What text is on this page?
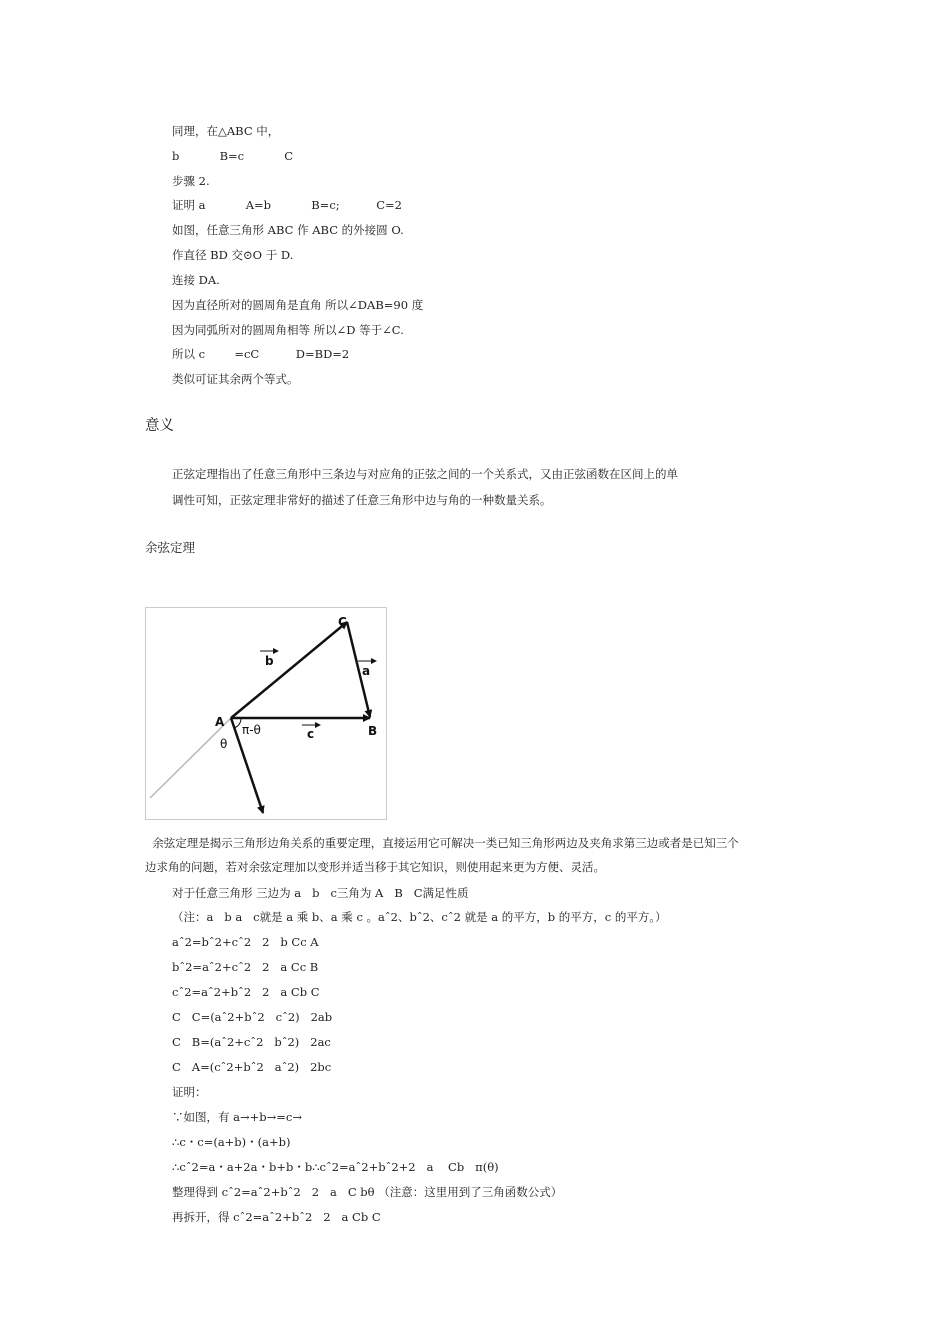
同理，在△ABC 中，
b           B=c           C
步骤 2.
证明 a           A=b           B=c;          C=2
如图，任意三角形 ABC 作 ABC 的外接圆 O.
作直径 BD 交⊙O 于 D.
连接 DA.
因为直径所对的圆周角是直角 所以∠DAB=90 度
因为同弧所对的圆周角相等 所以∠D 等于∠C.
所以 c        =cC          D=BD=2
类似可证其余两个等式。
意义
正弦定理指出了任意三角形中三条边与对应角的正弦之间的一个关系式，又由正弦函数在区间上的单
调性可知，正弦定理非常好的描述了任意三角形中边与角的一种数量关系。
余弦定理
C
A
B
b
a
c
π-θ
θ
余弦定理是揭示三角形边角关系的重要定理，直接运用它可解决一类已知三角形两边及夹角求第三边或者是已知三个
边求角的问题，若对余弦定理加以变形并适当移于其它知识，则使用起来更为方便、灵活。
对于任意三角形 三边为 a   b   c三角为 A   B   C满足性质
（注：a   b a   c就是 a 乘 b、a 乘 c 。aˆ2、bˆ2、cˆ2 就是 a 的平方，b 的平方，c 的平方。）
aˆ2=bˆ2+cˆ2   2   b Cc A
bˆ2=aˆ2+cˆ2   2   a Cc B
cˆ2=aˆ2+bˆ2   2   a Cb C
C   C=(aˆ2+bˆ2   cˆ2)   2ab
C   B=(aˆ2+cˆ2   bˆ2)   2ac
C   A=(cˆ2+bˆ2   aˆ2)   2bc
证明：
∵如图，有 a→+b→=c→
∴c・c=(a+b)・(a+b)
∴cˆ2=a・a+2a・b+b・b∴cˆ2=aˆ2+bˆ2+2   a    Cb   π(θ)
整理得到 cˆ2=aˆ2+bˆ2   2   a   C bθ （注意：这里用到了三角函数公式）
再拆开，得 cˆ2=aˆ2+bˆ2   2   a Cb C
